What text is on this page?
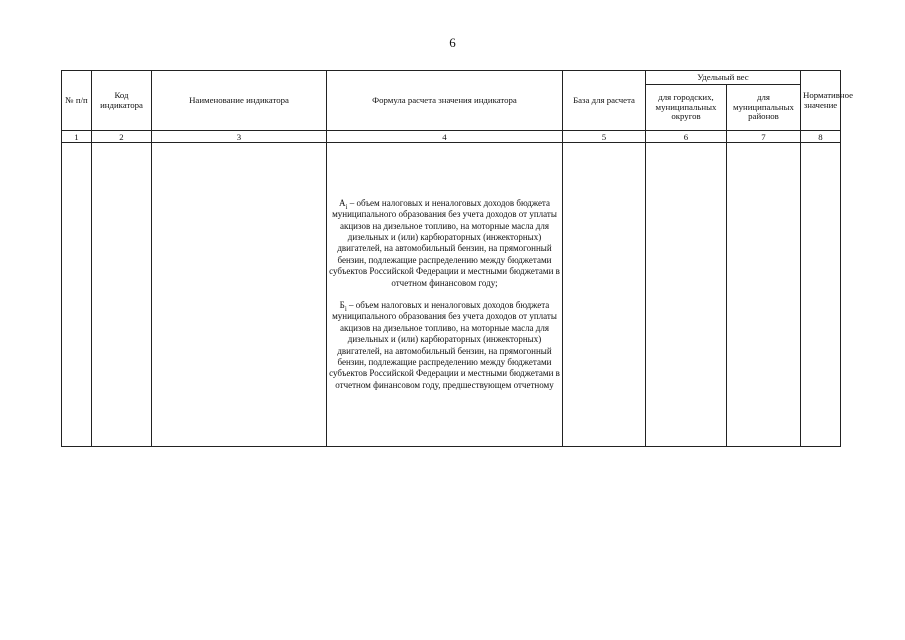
6
№ п/п	Код индикатора	Наименование индикатора	Формула расчета значения индикатора	База для расчета	Удельный вес		Нормативное значение
					для городских, муниципальных округов	для муниципальных районов	
1	2	3	4	5	6	7	8

			$А_i$ – объем налоговых и неналоговых доходов бюджета муниципального образования без учета доходов от уплаты акцизов на дизельное топливо, на моторные масла для дизельных и (или) карбюраторных (инжекторных) двигателей, на автомобильный бензин, на прямогонный бензин, подлежащие распределению между бюджетами субъектов Российской Федерации и местными бюджетами в отчетном финансовом году;
$Б_i$ – объем налоговых и неналоговых доходов бюджета муниципального образования без учета доходов от уплаты акцизов на дизельное топливо, на моторные масла для дизельных и (или) карбюраторных (инжекторных) двигателей, на автомобильный бензин, на прямогонный бензин, подлежащие распределению между бюджетами субъектов Российской Федерации и местными бюджетами в отчетном финансовом году, предшествующем отчетному				
